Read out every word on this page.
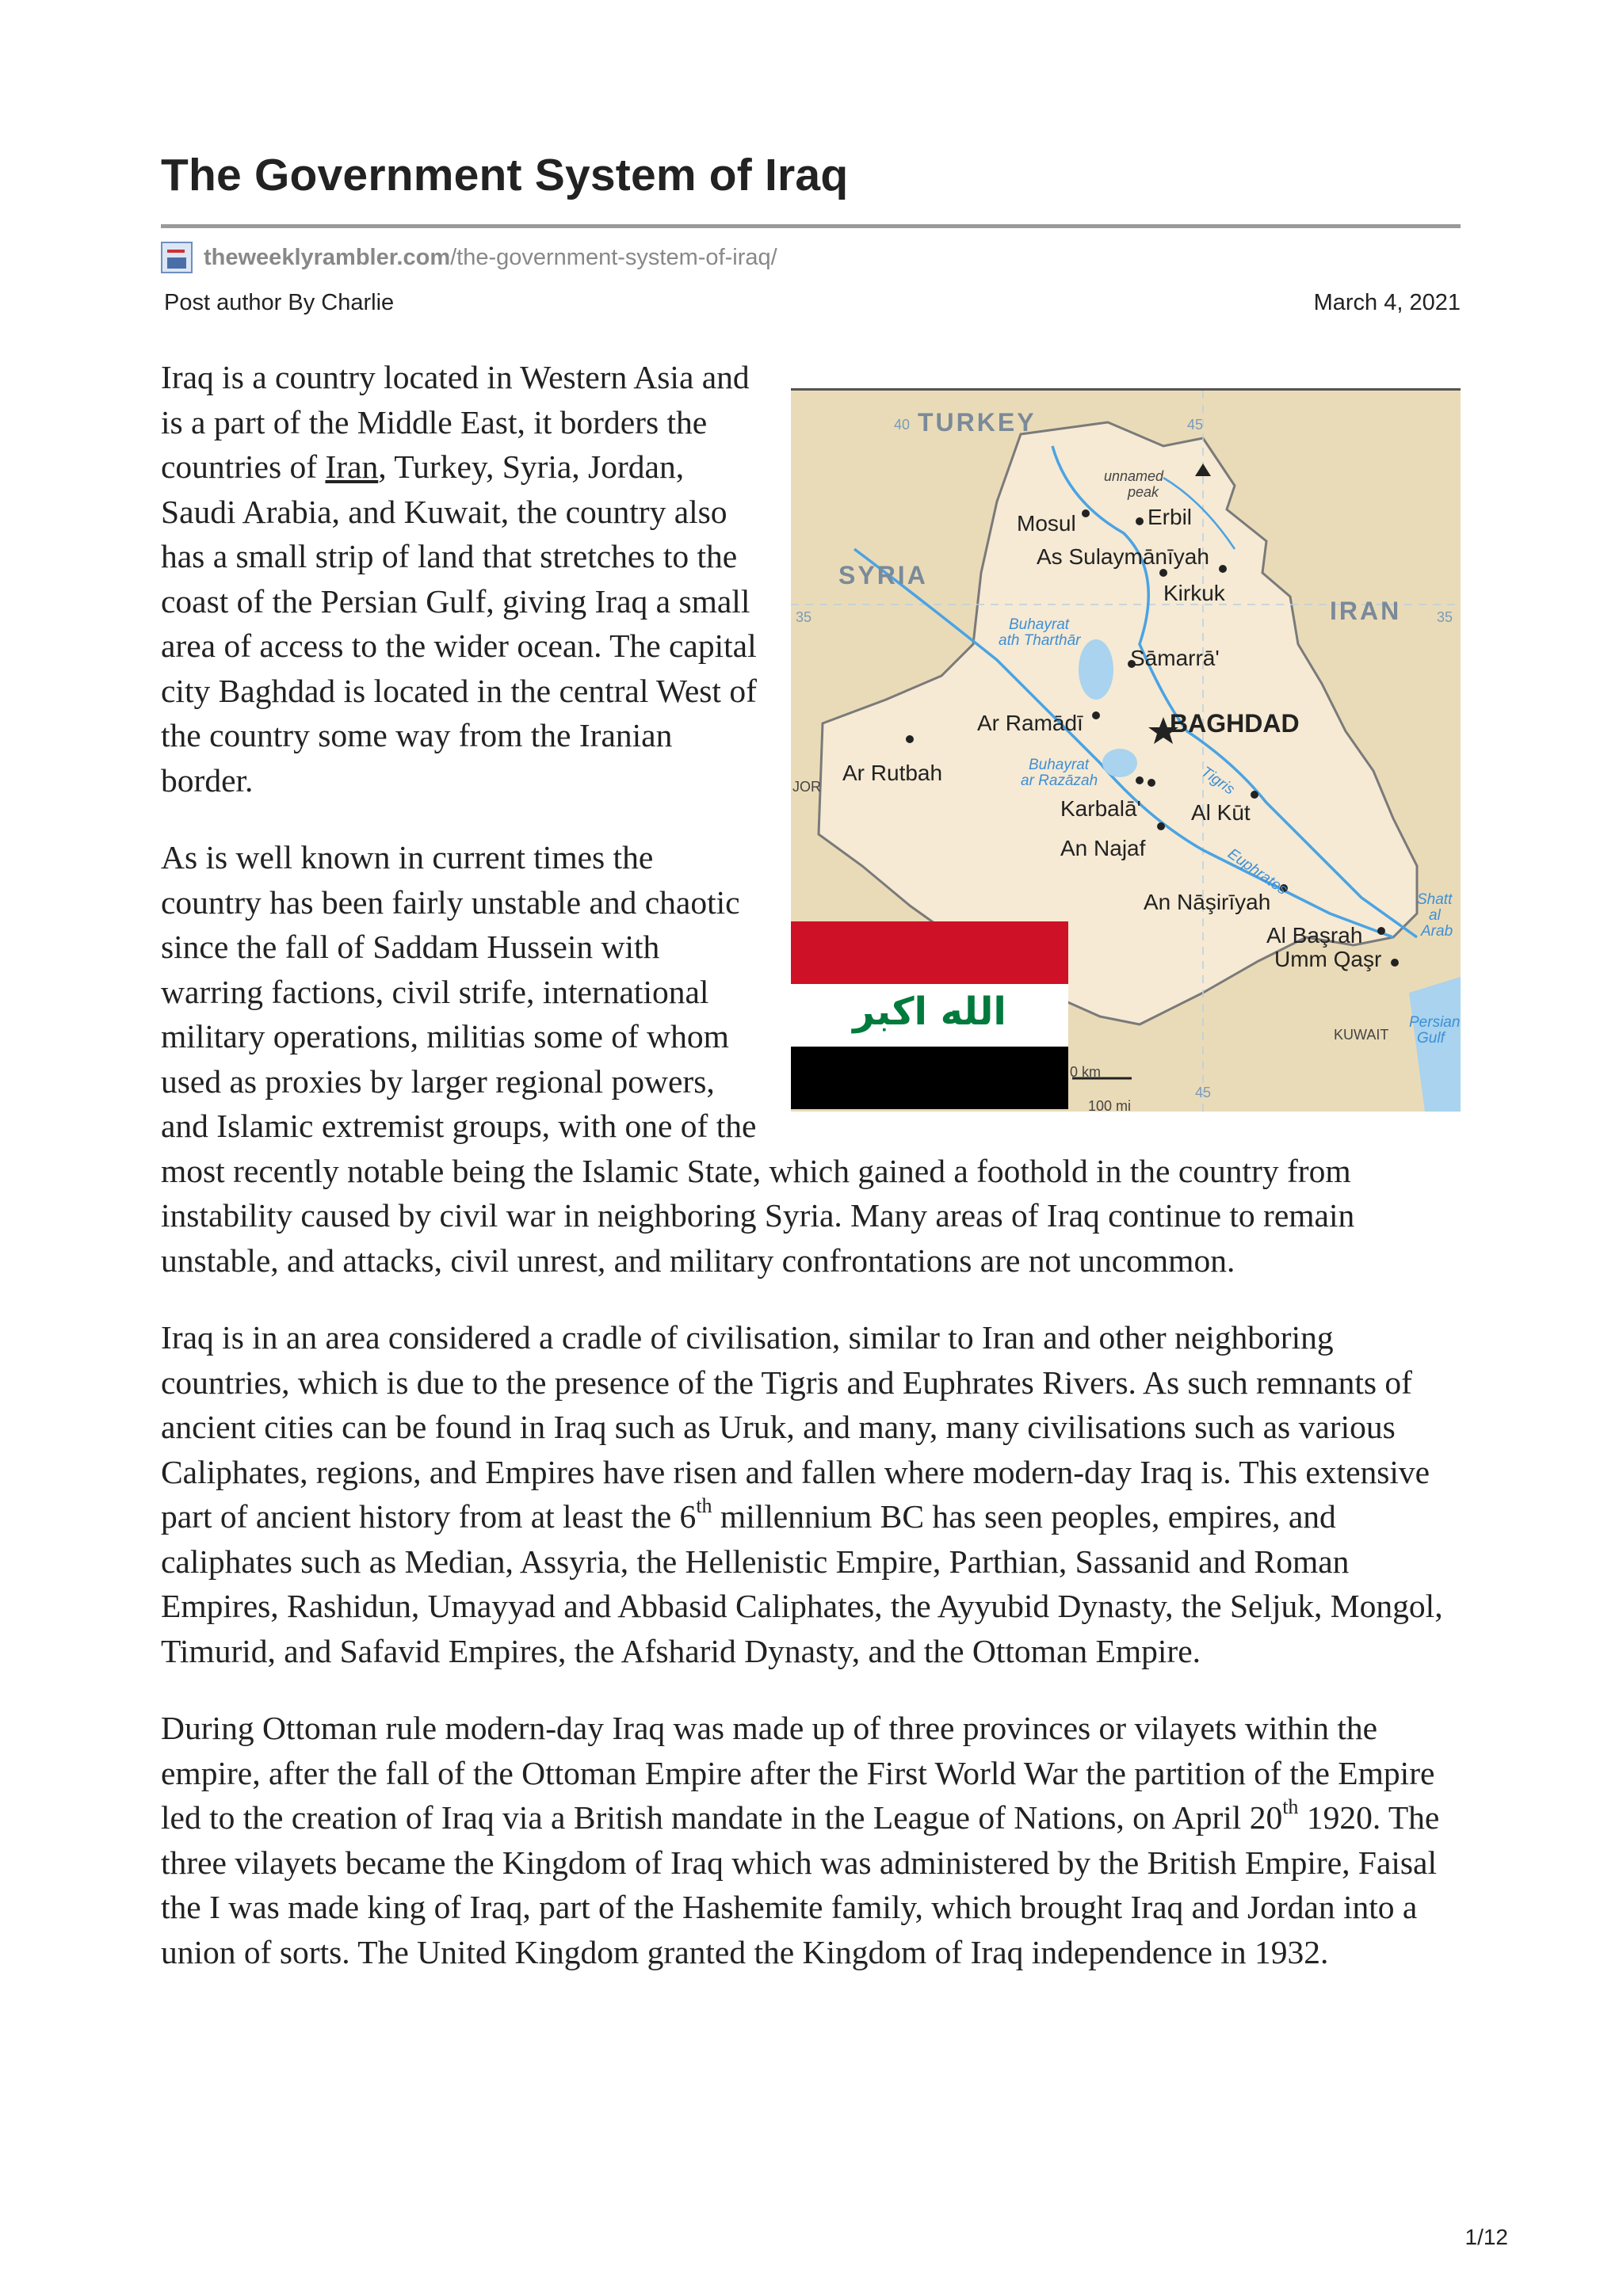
The Government System of Iraq
theweeklyrambler.com/the-government-system-of-iraq/
Post author By Charlie	March 4, 2021
TURKEY
SYRIA
IRAN
JOR
KUWAIT
40	45
35	35
45
unnamed
peak
Mosul	Erbil
As Sulaymānīyah
Kirkuk
Sāmarrā'
Ar Ramādī
Ar Rutbah
Karbalā' Al Kūt
An Najaf
An Nāşirīyah
Al Başrah
Umm Qaşr
BAGHDAD
Buhayrat
ath Tharthār
Buhayrat
ar Razāzah	Tigris
Euphrates
Shatt
al
Arab
Persian
Gulf
0 km
100 mi
الله اكبر

Iraq is a country located in Western Asia and is a part of the Middle East, it borders the countries of Iran, Turkey, Syria, Jordan, Saudi Arabia, and Kuwait, the country also has a small strip of land that stretches to the coast of the Persian Gulf, giving Iraq a small area of access to the wider ocean. The capital city Baghdad is located in the central West of the country some way from the Iranian border.

As is well known in current times the country has been fairly unstable and chaotic since the fall of Saddam Hussein with warring factions, civil strife, international military operations, militias some of whom used as proxies by larger regional powers, and Islamic extremist groups, with one of the most recently notable being the Islamic State, which gained a foothold in the country from instability caused by civil war in neighboring Syria. Many areas of Iraq continue to remain unstable, and attacks, civil unrest, and military confrontations are not uncommon.

Iraq is in an area considered a cradle of civilisation, similar to Iran and other neighboring countries, which is due to the presence of the Tigris and Euphrates Rivers. As such remnants of ancient cities can be found in Iraq such as Uruk, and many, many civilisations such as various Caliphates, regions, and Empires have risen and fallen where modern-day Iraq is. This extensive part of ancient history from at least the 6th millennium BC has seen peoples, empires, and caliphates such as Median, Assyria, the Hellenistic Empire, Parthian, Sassanid and Roman Empires, Rashidun, Umayyad and Abbasid Caliphates, the Ayyubid Dynasty, the Seljuk, Mongol, Timurid, and Safavid Empires, the Afsharid Dynasty, and the Ottoman Empire.

During Ottoman rule modern-day Iraq was made up of three provinces or vilayets within the empire, after the fall of the Ottoman Empire after the First World War the partition of the Empire led to the creation of Iraq via a British mandate in the League of Nations, on April 20th 1920. The three vilayets became the Kingdom of Iraq which was administered by the British Empire, Faisal the I was made king of Iraq, part of the Hashemite family, which brought Iraq and Jordan into a union of sorts. The United Kingdom granted the Kingdom of Iraq independence in 1932.

1/12
